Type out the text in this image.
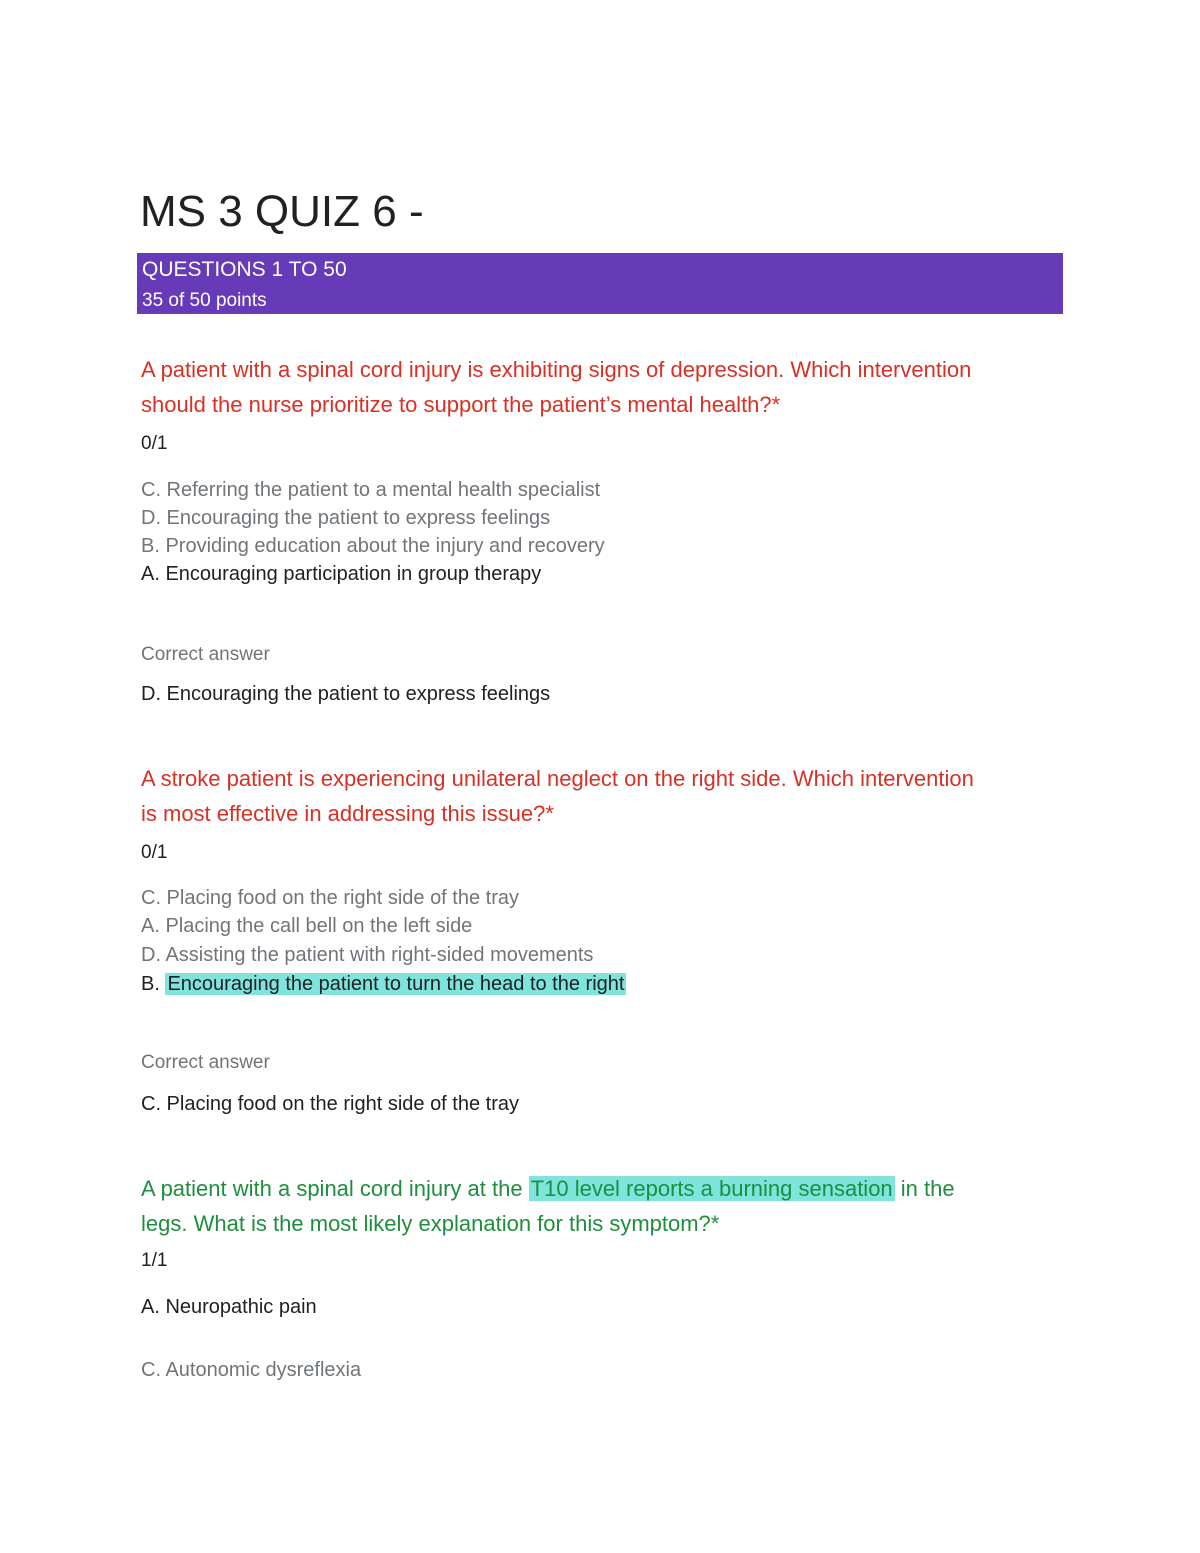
MS 3 QUIZ 6 -
QUESTIONS 1 TO 50
35 of 50 points
A patient with a spinal cord injury is exhibiting signs of depression. Which intervention
should the nurse prioritize to support the patient’s mental health?*
0/1
C. Referring the patient to a mental health specialist
D. Encouraging the patient to express feelings
B. Providing education about the injury and recovery
A. Encouraging participation in group therapy
Correct answer
D. Encouraging the patient to express feelings
A stroke patient is experiencing unilateral neglect on the right side. Which intervention
is most effective in addressing this issue?*
0/1
C. Placing food on the right side of the tray
A. Placing the call bell on the left side
D. Assisting the patient with right-sided movements
B. Encouraging the patient to turn the head to the right
Correct answer
C. Placing food on the right side of the tray
A patient with a spinal cord injury at the T10 level reports a burning sensation in the
legs. What is the most likely explanation for this symptom?*
1/1
A. Neuropathic pain
C. Autonomic dysreflexia
